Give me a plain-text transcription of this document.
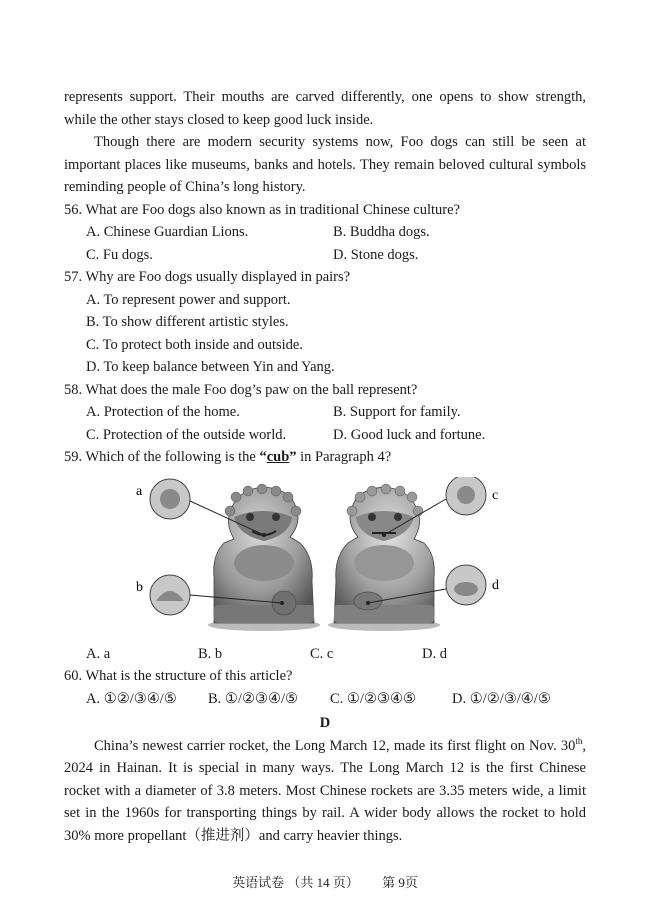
represents support. Their mouths are carved differently, one opens to show strength, while the other stays closed to keep good luck inside.

Though there are modern security systems now, Foo dogs can still be seen at important places like museums, banks and hotels. They remain beloved cultural symbols reminding people of China’s long history.

56. What are Foo dogs also known as in traditional Chinese culture?
A. Chinese Guardian Lions.	B. Buddha dogs.
C. Fu dogs.	D. Stone dogs.
57. Why are Foo dogs usually displayed in pairs?
A. To represent power and support.
B. To show different artistic styles.
C. To protect both inside and outside.
D. To keep balance between Yin and Yang.
58. What does the male Foo dog’s paw on the ball represent?
A. Protection of the home.	B. Support for family.
C. Protection of the outside world.	D. Good luck and fortune.
59. Which of the following is the “cub” in Paragraph 4?
a
b
c
d
A. a	B. b	C. c	D. d
60. What is the structure of this article?
A. ①②/③④/⑤	B. ①/②③④/⑤	C. ①/②③④⑤	D. ①/②/③/④/⑤
D

China’s newest carrier rocket, the Long March 12, made its first flight on Nov. 30th, 2024 in Hainan. It is special in many ways. The Long March 12 is the first Chinese rocket with a diameter of 3.8 meters. Most Chinese rockets are 3.35 meters wide, a limit set in the 1960s for transporting things by rail. A wider body allows the rocket to hold 30% more propellant（推进剂）and carry heavier things.

英语试卷 （共 14 页） 第 9页
